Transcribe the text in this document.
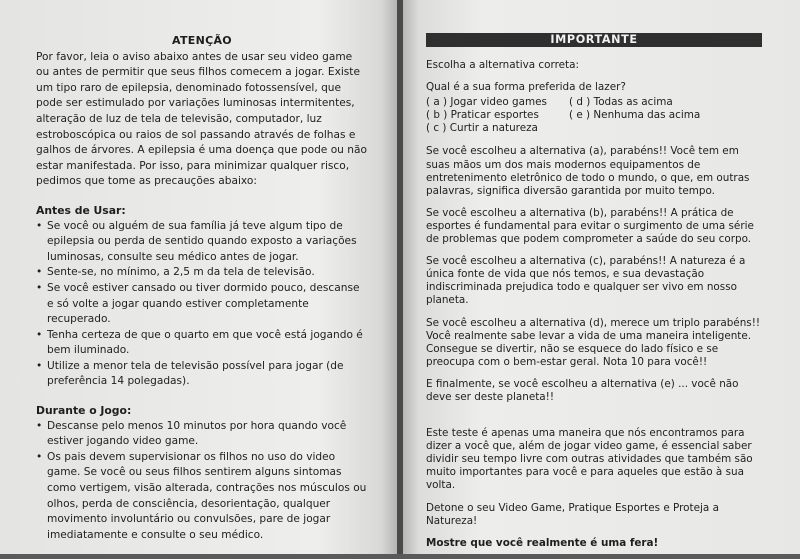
ATENÇÃO

Por favor, leia o aviso abaixo antes de usar seu video game ou antes de permitir que seus filhos comecem a jogar. Existe um tipo raro de epilepsia, denominado fotossensível, que pode ser estimulado por variações luminosas intermitentes, alteração de luz de tela de televisão, computador, luz estroboscópica ou raios de sol passando através de folhas e galhos de árvores. A epilepsia é uma doença que pode ou não estar manifestada. Por isso, para minimizar qualquer risco, pedimos que tome as precauções abaixo:

Antes de Usar:
• Se você ou alguém de sua família já teve algum tipo de epilepsia ou perda de sentido quando exposto a variações luminosas, consulte seu médico antes de jogar.
• Sente-se, no mínimo, a 2,5 m da tela de televisão.
• Se você estiver cansado ou tiver dormido pouco, descanse e só volte a jogar quando estiver completamente recuperado.
• Tenha certeza de que o quarto em que você está jogando é bem iluminado.
• Utilize a menor tela de televisão possível para jogar (de preferência 14 polegadas).
Durante o Jogo:
• Descanse pelo menos 10 minutos por hora quando você estiver jogando video game.
• Os pais devem supervisionar os filhos no uso do video game. Se você ou seus filhos sentirem alguns sintomas como vertigem, visão alterada, contrações nos músculos ou olhos, perda de consciência, desorientação, qualquer movimento involuntário ou convulsões, pare de jogar imediatamente e consulte o seu médico.
IMPORTANTE

Escolha a alternativa correta:

Qual é a sua forma preferida de lazer?

( a ) Jogar video games	( d ) Todas as acima
( b ) Praticar esportes	( e ) Nenhuma das acima
( c ) Curtir a natureza

Se você escolheu a alternativa (a), parabéns!! Você tem em suas mãos um dos mais modernos equipamentos de entretenimento eletrônico de todo o mundo, o que, em outras palavras, significa diversão garantida por muito tempo.

Se você escolheu a alternativa (b), parabéns!! A prática de esportes é fundamental para evitar o surgimento de uma série de problemas que podem comprometer a saúde do seu corpo.

Se você escolheu a alternativa (c), parabéns!! A natureza é a única fonte de vida que nós temos, e sua devastação indiscriminada prejudica todo e qualquer ser vivo em nosso planeta.

Se você escolheu a alternativa (d), merece um triplo parabéns!! Você realmente sabe levar a vida de uma maneira inteligente. Consegue se divertir, não se esquece do lado físico e se preocupa com o bem-estar geral. Nota 10 para você!!

E finalmente, se você escolheu a alternativa (e) ... você não deve ser deste planeta!!

Este teste é apenas uma maneira que nós encontramos para dizer a você que, além de jogar video game, é essencial saber dividir seu tempo livre com outras atividades que também são muito importantes para você e para aqueles que estão à sua volta.

Detone o seu Video Game, Pratique Esportes e Proteja a Natureza!

Mostre que você realmente é uma fera!
